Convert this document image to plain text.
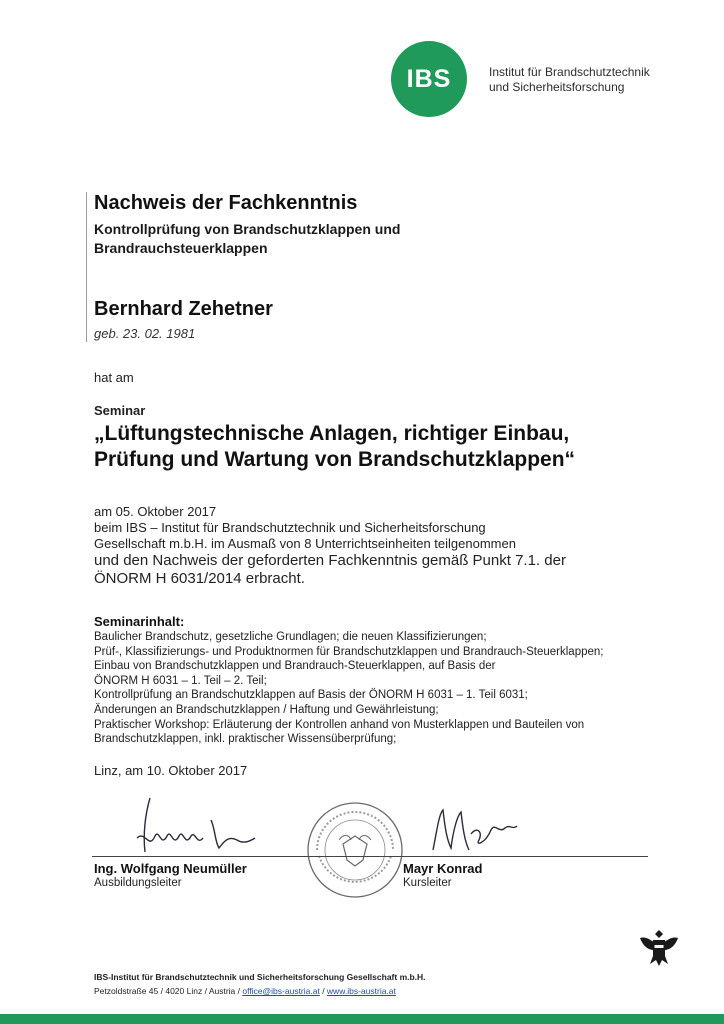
IBS	Institut für Brandschutztechnik
und Sicherheitsforschung
Nachweis der Fachkenntnis
Kontrollprüfung von Brandschutzklappen und
Brandrauchsteuerklappen
Bernhard Zehetner
geb. 23. 02. 1981
hat am
Seminar
„Lüftungstechnische Anlagen, richtiger Einbau,
Prüfung und Wartung von Brandschutzklappen“
am 05. Oktober 2017
beim IBS – Institut für Brandschutztechnik und Sicherheitsforschung
Gesellschaft m.b.H. im Ausmaß von 8 Unterrichtseinheiten teilgenommen
und den Nachweis der geforderten Fachkenntnis gemäß Punkt 7.1. der
ÖNORM H 6031/2014 erbracht.
Seminarinhalt:
Baulicher Brandschutz, gesetzliche Grundlagen; die neuen Klassifizierungen;
Prüf-, Klassifizierungs- und Produktnormen für Brandschutzklappen und Brandrauch-Steuerklappen;
Einbau von Brandschutzklappen und Brandrauch-Steuerklappen, auf Basis der
ÖNORM H 6031 – 1. Teil – 2. Teil;
Kontrollprüfung an Brandschutzklappen auf Basis der ÖNORM H 6031 – 1. Teil 6031;
Änderungen an Brandschutzklappen / Haftung und Gewährleistung;
Praktischer Workshop: Erläuterung der Kontrollen anhand von Musterklappen und Bauteilen von
Brandschutzklappen, inkl. praktischer Wissensüberprüfung;
Linz, am 10. Oktober 2017
Ing. Wolfgang Neumüller
Ausbildungsleiter
Mayr Konrad
Kursleiter
IBS-Institut für Brandschutztechnik und Sicherheitsforschung Gesellschaft m.b.H.
Petzoldstraße 45 / 4020 Linz / Austria / office@ibs-austria.at / www.ibs-austria.at
